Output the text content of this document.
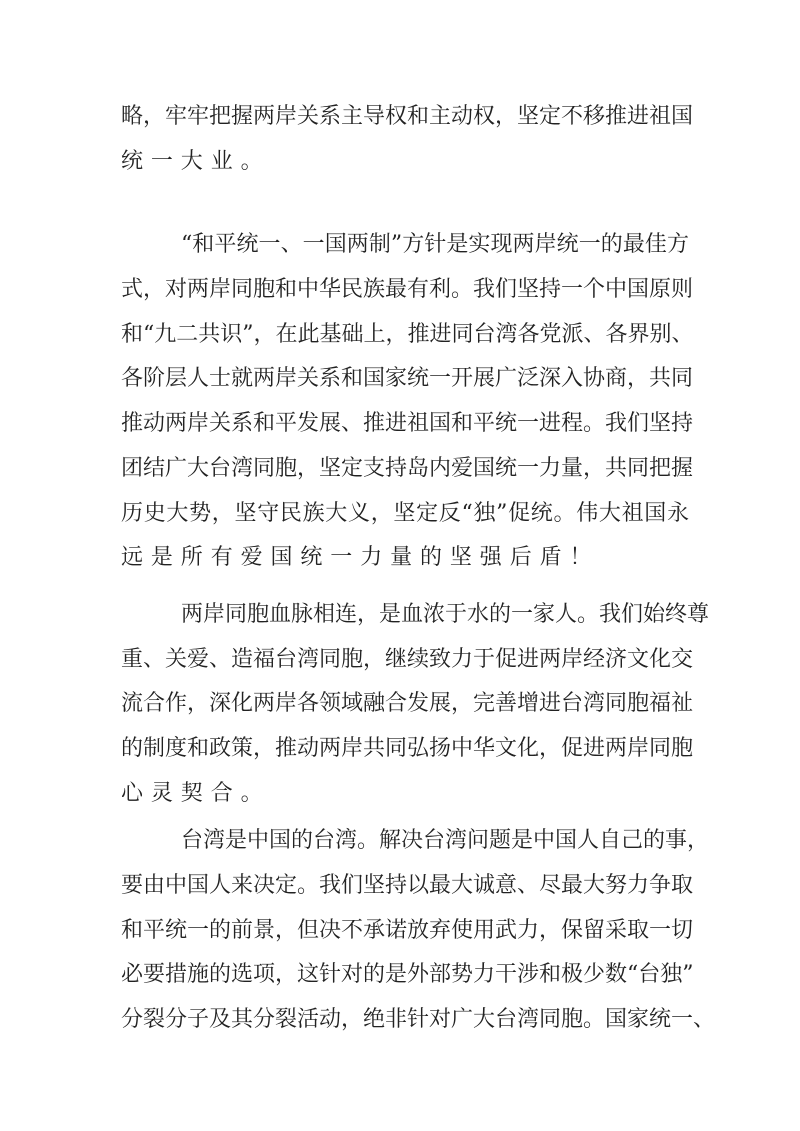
略，牢牢把握两岸关系主导权和主动权，坚定不移推进祖国
统一大业。
“和平统一、一国两制”方针是实现两岸统一的最佳方
式，对两岸同胞和中华民族最有利。我们坚持一个中国原则
和“九二共识”，在此基础上，推进同台湾各党派、各界别、
各阶层人士就两岸关系和国家统一开展广泛深入协商，共同
推动两岸关系和平发展、推进祖国和平统一进程。我们坚持
团结广大台湾同胞，坚定支持岛内爱国统一力量，共同把握
历史大势，坚守民族大义，坚定反“独”促统。伟大祖国永
远是所有爱国统一力量的坚强后盾！
两岸同胞血脉相连，是血浓于水的一家人。我们始终尊
重、关爱、造福台湾同胞，继续致力于促进两岸经济文化交
流合作，深化两岸各领域融合发展，完善增进台湾同胞福祉
的制度和政策，推动两岸共同弘扬中华文化，促进两岸同胞
心灵契合。
台湾是中国的台湾。解决台湾问题是中国人自己的事，
要由中国人来决定。我们坚持以最大诚意、尽最大努力争取
和平统一的前景，但决不承诺放弃使用武力，保留采取一切
必要措施的选项，这针对的是外部势力干涉和极少数“台独”
分裂分子及其分裂活动，绝非针对广大台湾同胞。国家统一、
